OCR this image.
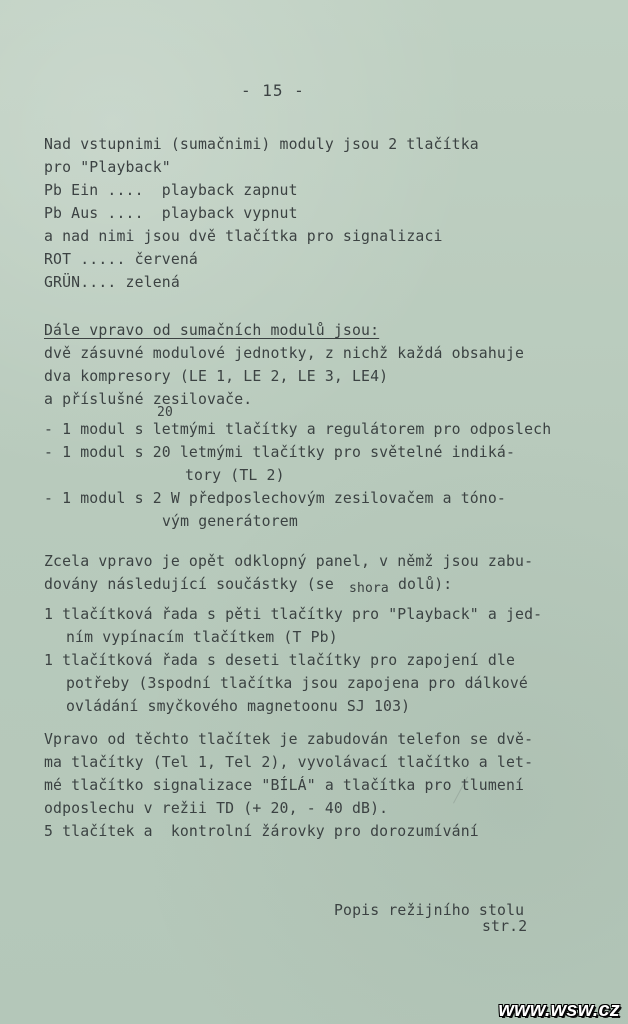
- 15 -
Nad vstupnimi (sumačnimi) moduly jsou 2 tlačítka
pro "Playback"
Pb Ein ....  playback zapnut
Pb Aus ....  playback vypnut
a nad nimi jsou dvě tlačítka pro signalizaci
ROT ..... červená
GRÜN.... zelená
Dále vpravo od sumačních modulů jsou:
dvě zásuvné modulové jednotky, z nichž každá obsahuje
dva kompresory (LE 1, LE 2, LE 3, LE4)
a příslušné zesilovače.
20
- 1 modul s letmými tlačítky a regulátorem pro odposlech
- 1 modul s 20 letmými tlačítky pro světelné indiká-
tory (TL 2)
- 1 modul s 2 W předposlechovým zesilovačem a tóno-
vým generátorem
Zcela vpravo je opět odklopný panel, v němž jsou zabu-
dovány následující součástky (se shora dolů):
1 tlačítková řada s pěti tlačítky pro "Playback" a jed-
ním vypínacím tlačítkem (T Pb)
1 tlačítková řada s deseti tlačítky pro zapojení dle
potřeby (3spodní tlačítka jsou zapojena pro dálkové
ovládání smyčkového magnetoonu SJ 103)
Vpravo od těchto tlačítek je zabudován telefon se dvě-
ma tlačítky (Tel 1, Tel 2), vyvolávací tlačítko a let-
mé tlačítko signalizace "BÍLÁ" a tlačítka pro tlumení
odposlechu v režii TD (+ 20, - 40 dB).
5 tlačítek a  kontrolní žárovky pro dorozumívání
Popis režijního stolu
str.2
www.wsw.cz
